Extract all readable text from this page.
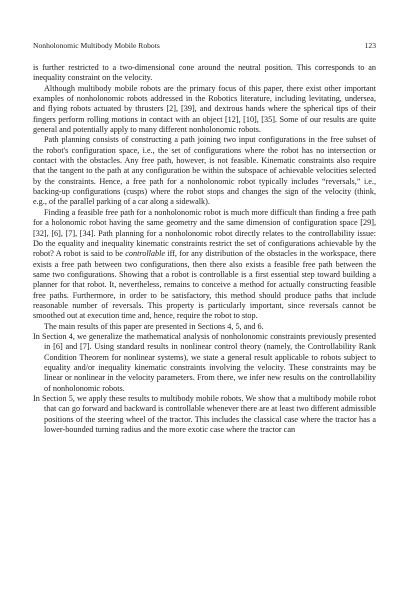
Nonholonomic Multibody Mobile Robots	123

is further restricted to a two-dimensional cone around the neutral position. This corresponds to an inequality constraint on the velocity.

Although multibody mobile robots are the primary focus of this paper, there exist other important examples of nonholonomic robots addressed in the Robotics literature, including levitating, undersea, and flying robots actuated by thrusters [2], [39], and dextrous hands where the spherical tips of their fingers perform rolling motions in contact with an object [12], [10], [35]. Some of our results are quite general and potentially apply to many different nonholonomic robots.

Path planning consists of constructing a path joining two input configurations in the free subset of the robot's configuration space, i.e., the set of configurations where the robot has no intersection or contact with the obstacles. Any free path, however, is not feasible. Kinematic constraints also require that the tangent to the path at any configuration be within the subspace of achievable velocities selected by the constraints. Hence, a free path for a nonholonomic robot typically includes “reversals,” i.e., backing-up configurations (cusps) where the robot stops and changes the sign of the velocity (think, e.g., of the parallel parking of a car along a sidewalk).

Finding a feasible free path for a nonholonomic robot is much more difficult than finding a free path for a holonomic robot having the same geometry and the same dimension of configuration space [29], [32], [6], [7], [34]. Path planning for a nonholonomic robot directly relates to the controllability issue: Do the equality and inequality kinematic constraints restrict the set of configurations achievable by the robot? A robot is said to be controllable iff, for any distribution of the obstacles in the workspace, there exists a free path between two configurations, then there also exists a feasible free path between the same two configurations. Showing that a robot is controllable is a first essential step toward building a planner for that robot. It, nevertheless, remains to conceive a method for actually constructing feasible free paths. Furthermore, in order to be satisfactory, this method should produce paths that include reasonable number of reversals. This property is particularly important, since reversals cannot be smoothed out at execution time and, hence, require the robot to stop.

The main results of this paper are presented in Sections 4, 5, and 6.

In Section 4, we generalize the mathematical analysis of nonholonomic constraints previously presented in [6] and [7]. Using standard results in nonlinear control theory (namely, the Controllability Rank Condition Theorem for nonlinear systems), we state a general result applicable to robots subject to equality and/or inequality kinematic constraints involving the velocity. These constraints may be linear or nonlinear in the velocity parameters. From there, we infer new results on the controllability of nonholonomic robots.
In Section 5, we apply these results to multibody mobile robots. We show that a multibody mobile robot that can go forward and backward is controllable whenever there are at least two different admissible positions of the steering wheel of the tractor. This includes the classical case where the tractor has a lower-bounded turning radius and the more exotic case where the tractor can
